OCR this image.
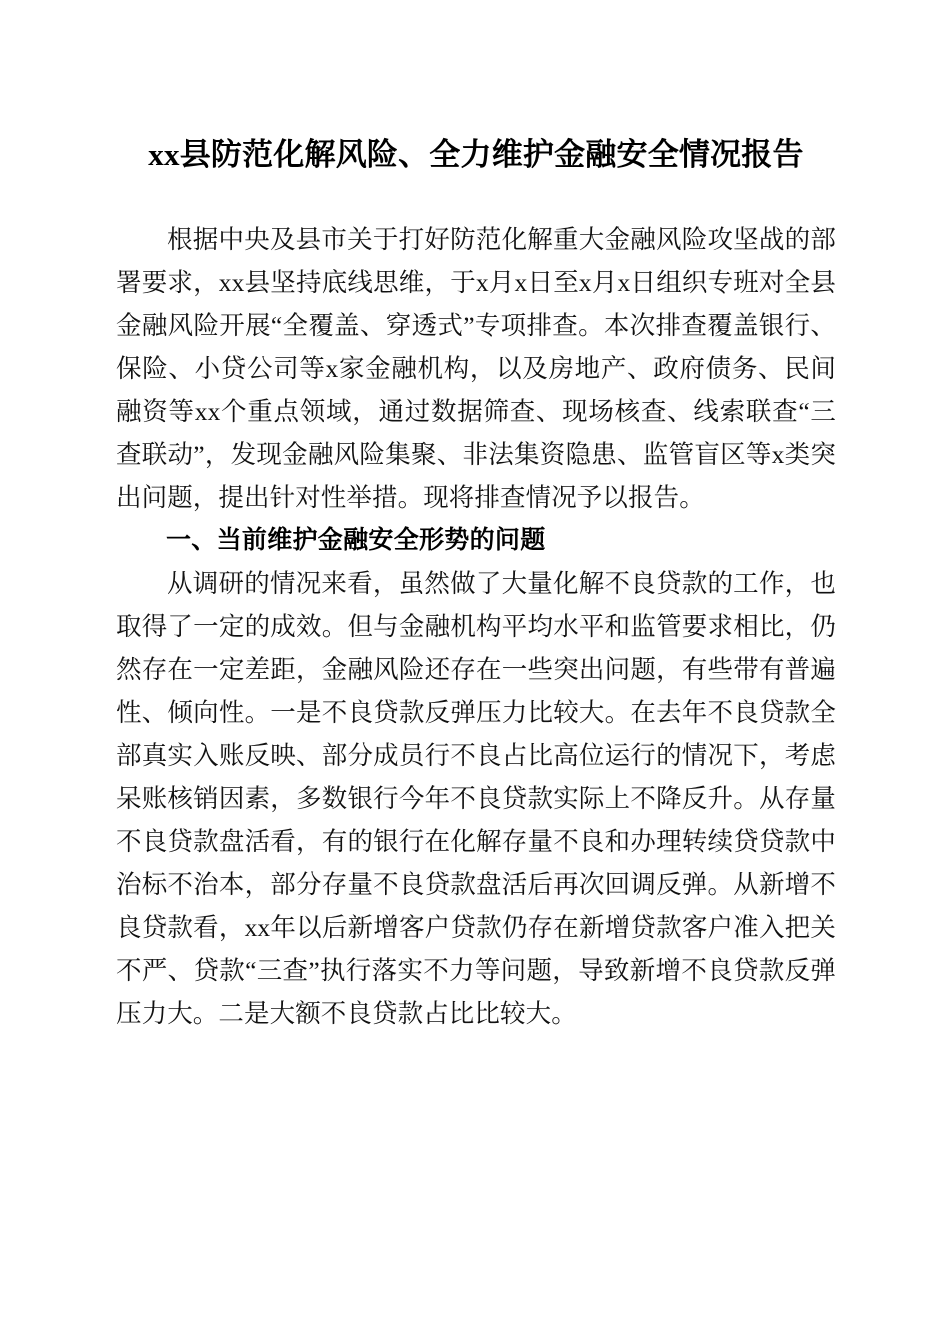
xx县防范化解风险、全力维护金融安全情况报告

根据中央及县市关于打好防范化解重大金融风险攻坚战的部署要求，xx县坚持底线思维，于x月x日至x月x日组织专班对全县金融风险开展“全覆盖、穿透式”专项排查。本次排查覆盖银行、保险、小贷公司等x家金融机构，以及房地产、政府债务、民间融资等xx个重点领域，通过数据筛查、现场核查、线索联查“三查联动”，发现金融风险集聚、非法集资隐患、监管盲区等x类突出问题，提出针对性举措。现将排查情况予以报告。

一、当前维护金融安全形势的问题

从调研的情况来看，虽然做了大量化解不良贷款的工作，也取得了一定的成效。但与金融机构平均水平和监管要求相比，仍然存在一定差距，金融风险还存在一些突出问题，有些带有普遍性、倾向性。一是不良贷款反弹压力比较大。在去年不良贷款全部真实入账反映、部分成员行不良占比高位运行的情况下，考虑呆账核销因素，多数银行今年不良贷款实际上不降反升。从存量不良贷款盘活看，有的银行在化解存量不良和办理转续贷贷款中治标不治本，部分存量不良贷款盘活后再次回调反弹。从新增不良贷款看，xx年以后新增客户贷款仍存在新增贷款客户准入把关不严、贷款“三查”执行落实不力等问题，导致新增不良贷款反弹压力大。二是大额不良贷款占比比较大。
